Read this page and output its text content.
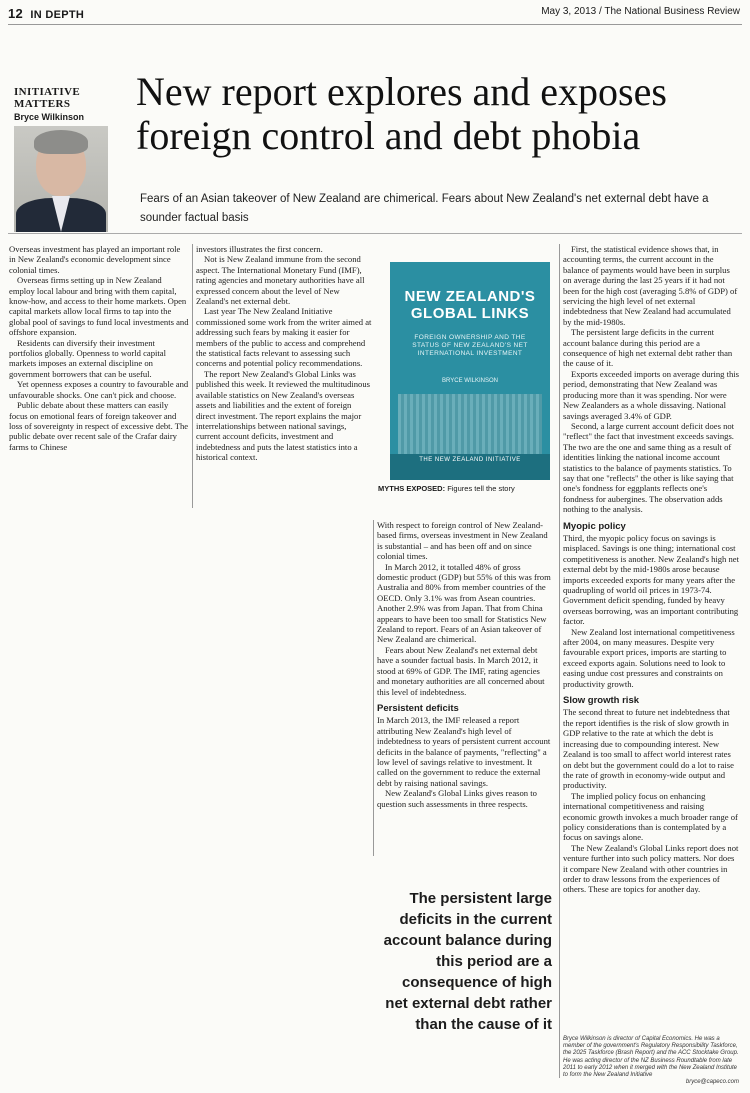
12 IN DEPTH	May 3, 2013 / The National Business Review
INITIATIVE
MATTERS
Bryce Wilkinson
New report explores and exposes foreign control and debt phobia
Fears of an Asian takeover of New Zealand are chimerical. Fears about New Zealand's net external debt have a sounder factual basis

Overseas investment has played an important role in New Zealand's economic development since colonial times.

Overseas firms setting up in New Zealand employ local labour and bring with them capital, know-how, and access to their home markets. Open capital markets allow local firms to tap into the global pool of savings to fund local investments and offshore expansion.

Residents can diversify their investment portfolios globally. Openness to world capital markets imposes an external discipline on government borrowers that can be useful.

Yet openness exposes a country to favourable and unfavourable shocks. One can't pick and choose.

Public debate about these matters can easily focus on emotional fears of foreign takeover and loss of sovereignty in respect of excessive debt. The public debate over recent sale of the Crafar dairy farms to Chinese

investors illustrates the first concern.

Not is New Zealand immune from the second aspect. The International Monetary Fund (IMF), rating agencies and monetary authorities have all expressed concern about the level of New Zealand's net external debt.

Last year The New Zealand Initiative commissioned some work from the writer aimed at addressing such fears by making it easier for members of the public to access and comprehend the statistical facts relevant to assessing such concerns and potential policy recommendations.

The report New Zealand's Global Links was published this week. It reviewed the multitudinous available statistics on New Zealand's overseas assets and liabilities and the extent of foreign direct investment. The report explains the major interrelationships between national savings, current account deficits, investment and indebtedness and puts the latest statistics into a historical context.

NEW ZEALAND'S GLOBAL LINKS
FOREIGN OWNERSHIP AND THE STATUS OF NEW ZEALAND'S NET INTERNATIONAL INVESTMENT
BRYCE WILKINSON
THE NEW ZEALAND INITIATIVE
MYTHS EXPOSED: Figures tell the story

With respect to foreign control of New Zealand-based firms, overseas investment in New Zealand is substantial – and has been off and on since colonial times.

In March 2012, it totalled 48% of gross domestic product (GDP) but 55% of this was from Australia and 80% from member countries of the OECD. Only 3.1% was from Asean countries. Another 2.9% was from Japan. That from China appears to have been too small for Statistics New Zealand to report. Fears of an Asian takeover of New Zealand are chimerical.

Fears about New Zealand's net external debt have a sounder factual basis. In March 2012, it stood at 69% of GDP. The IMF, rating agencies and monetary authorities are all concerned about this level of indebtedness.

Persistent deficits

In March 2013, the IMF released a report attributing New Zealand's high level of indebtedness to years of persistent current account deficits in the balance of payments, "reflecting" a low level of savings relative to investment. It called on the government to reduce the external debt by raising national savings.

New Zealand's Global Links gives reason to question such assessments in three respects.

The persistent large deficits in the current account balance during this period are a consequence of high net external debt rather than the cause of it

First, the statistical evidence shows that, in accounting terms, the current account in the balance of payments would have been in surplus on average during the last 25 years if it had not been for the high cost (averaging 5.8% of GDP) of servicing the high level of net external indebtedness that New Zealand had accumulated by the mid-1980s.

The persistent large deficits in the current account balance during this period are a consequence of high net external debt rather than the cause of it.

Exports exceeded imports on average during this period, demonstrating that New Zealand was producing more than it was spending. Nor were New Zealanders as a whole dissaving. National savings averaged 3.4% of GDP.

Second, a large current account deficit does not "reflect" the fact that investment exceeds savings. The two are the one and same thing as a result of identities linking the national income account statistics to the balance of payments statistics. To say that one "reflects" the other is like saying that one's fondness for eggplants reflects one's fondness for aubergines. The observation adds nothing to the analysis.

Myopic policy

Third, the myopic policy focus on savings is misplaced. Savings is one thing; international cost competitiveness is another. New Zealand's high net external debt by the mid-1980s arose because imports exceeded exports for many years after the quadrupling of world oil prices in 1973-74. Government deficit spending, funded by heavy overseas borrowing, was an important contributing factor.

New Zealand lost international competitiveness after 2004, on many measures. Despite very favourable export prices, imports are starting to exceed exports again. Solutions need to look to easing undue cost pressures and constraints on productivity growth.

Slow growth risk

The second threat to future net indebtedness that the report identifies is the risk of slow growth in GDP relative to the rate at which the debt is increasing due to compounding interest. New Zealand is too small to affect world interest rates on debt but the government could do a lot to raise the rate of growth in economy-wide output and productivity.

The implied policy focus on enhancing international competitiveness and raising economic growth invokes a much broader range of policy considerations than is contemplated by a focus on savings alone.

The New Zealand's Global Links report does not venture further into such policy matters. Nor does it compare New Zealand with other countries in order to draw lessons from the experiences of others. These are topics for another day.

Bryce Wilkinson is director of Capital Economics. He was a member of the government's Regulatory Responsibility Taskforce, the 2025 Taskforce (Brash Report) and the ACC Stocktake Group. He was acting director of the NZ Business Roundtable from late 2011 to early 2012 when it merged with the New Zealand Institute to form the New Zealand Initiative
bryce@capeco.com
